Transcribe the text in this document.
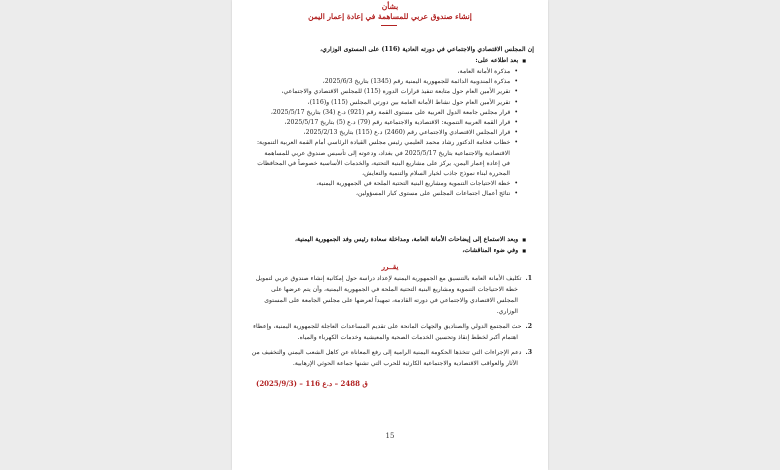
بشأن
إنشاء صندوق عربي للمساهمة في إعادة إعمار اليمن
إن المجلس الاقتصادي والاجتماعي في دورته العادية (116) على المستوى الوزاري،
■ بعد اطلاعه على:
• مذكرة الأمانة العامة،
• مذكرة المندوبية الدائمة للجمهورية اليمنية رقم (1345) بتاريخ 2025/6/3،
• تقرير الأمين العام حول متابعة تنفيذ قرارات الدورة (115) للمجلس الاقتصادي والاجتماعي،
• تقرير الأمين العام حول نشاط الأمانة العامة بين دورتي المجلس (115) و(116)،
• قرار مجلس جامعة الدول العربية على مستوى القمة رقم (921) د.ع (34) بتاريخ 2025/5/17،
• قرار القمة العربية التنموية: الاقتصادية والاجتماعية رقم (79) د.ع (5) بتاريخ 2025/5/17،
• قرار المجلس الاقتصادي والاجتماعي رقم (2460) د.ع (115) بتاريخ 2025/2/13،
• خطاب فخامة الدكتور رشاد محمد العليمي رئيس مجلس القيادة الرئاسي أمام القمة العربية التنموية:
الاقتصادية والاجتماعية بتاريخ 2025/5/17 في بغداد، ودعوته إلى تأسيس صندوق عربي للمساهمة
في إعادة إعمار اليمن، يركز على مشاريع البنية التحتية، والخدمات الأساسية خصوصاً في المحافظات
المحررة لبناء نموذج جاذب لخيار السلام والتنمية والتعايش،
• خطة الاحتياجات التنموية ومشاريع البنية التحتية الملحة في الجمهورية اليمنية،
• نتائج أعمال اجتماعات المجلس على مستوى كبار المسؤولين،
■ وبعد الاستماع إلى إيضاحات الأمانة العامة، ومداخلة سعادة رئيس وفد الجمهورية اليمنية،
■ وفي ضوء المناقشات،
يقــرر
1.تكليف الأمانة العامة بالتنسيق مع الجمهورية اليمنية لإعداد دراسة حول إمكانية إنشاء صندوق عربي لتمويل
خطة الاحتياجات التنموية ومشاريع البنية التحتية الملحة في الجمهورية اليمنية، وأن يتم عرضها على
المجلس الاقتصادي والاجتماعي في دورته القادمة، تمهيداً لعرضها على مجلس الجامعة على المستوى
الوزاري.
2.حث المجتمع الدولي والصناديق والجهات المانحة على تقديم المساعدات العاجلة للجمهورية اليمنية، وإعطاء
اهتمام أكبر لخطط إنقاذ وتحسين الخدمات الصحية والمعيشية وخدمات الكهرباء والمياه.
3.دعم الإجراءات التي تتخذها الحكومة اليمنية الرامية إلى رفع المعاناة عن كاهل الشعب اليمني والتخفيف من
الآثار والعواقب الاقتصادية والاجتماعية الكارثية للحرب التي تشنها جماعة الحوثي الإرهابية.
ق 2488 – د.ع 116 – (2025/9/3)
15
